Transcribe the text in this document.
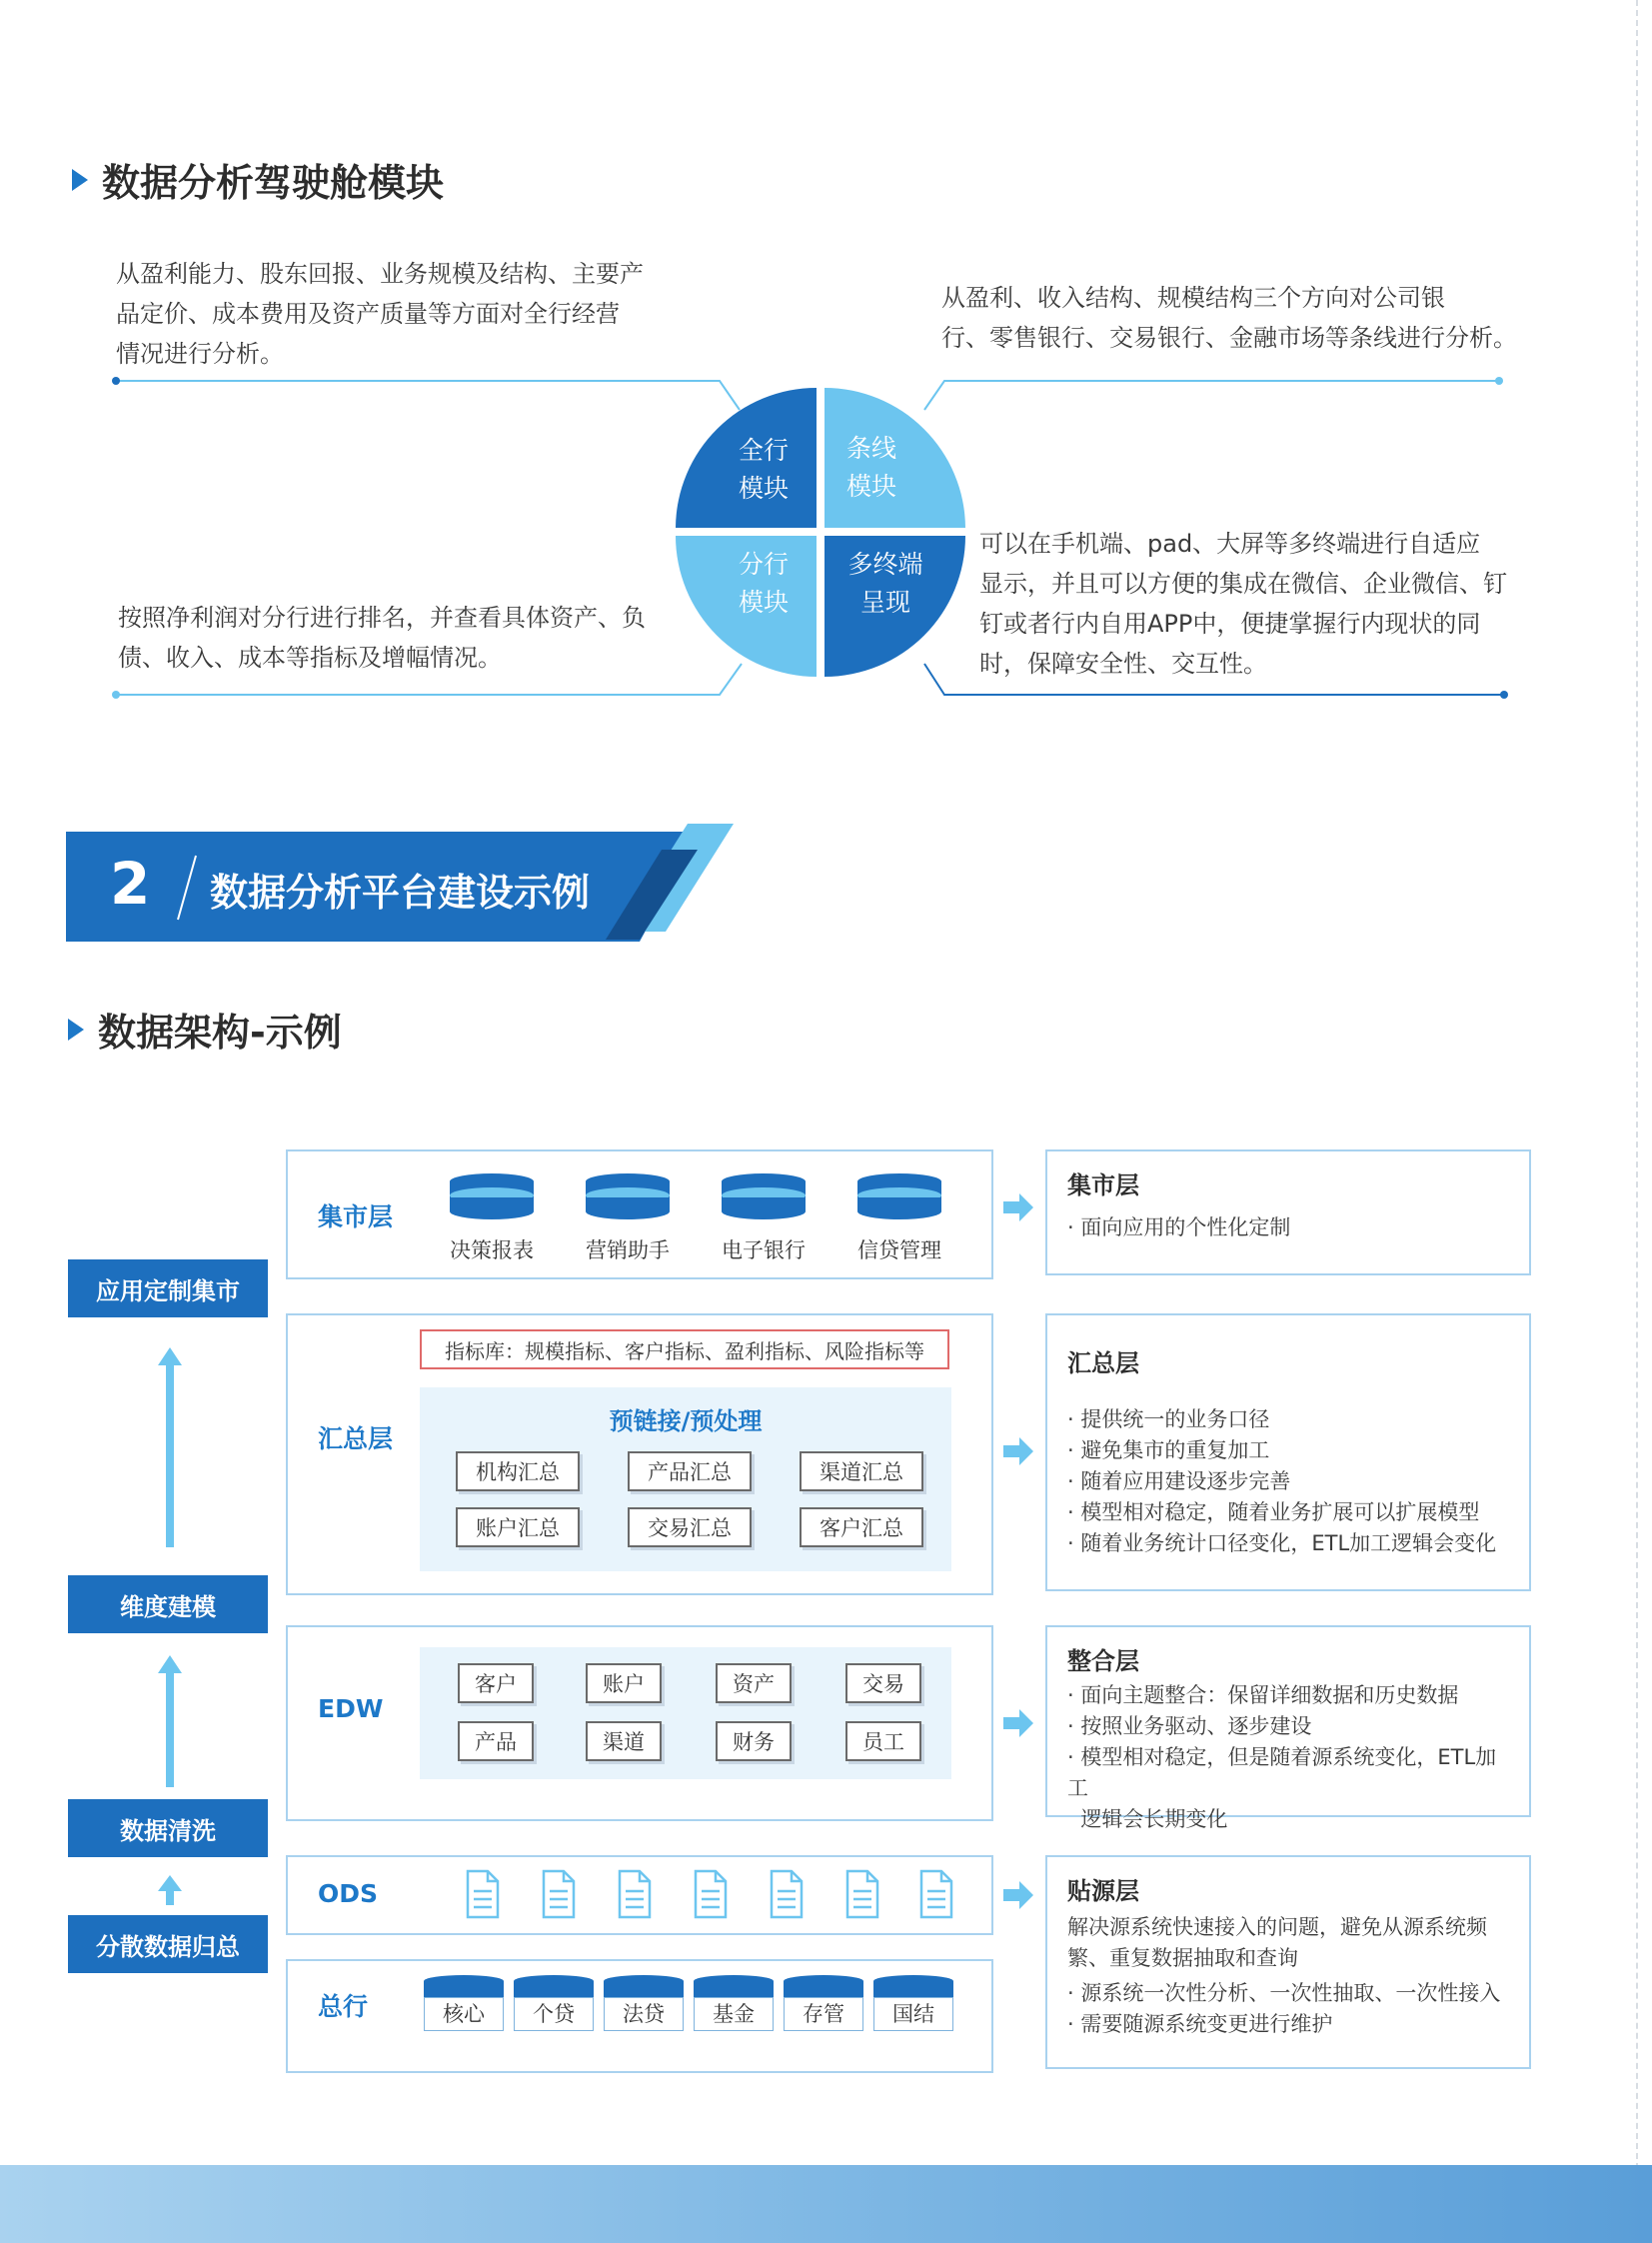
数据分析驾驶舱模块
从盈利能力、股东回报、业务规模及结构、主要产
品定价、成本费用及资产质量等方面对全行经营
情况进行分析。
从盈利、收入结构、规模结构三个方向对公司银
行、零售银行、交易银行、金融市场等条线进行分析。
按照净利润对分行进行排名，并查看具体资产、负
债、收入、成本等指标及增幅情况。
可以在手机端、pad、大屏等多终端进行自适应
显示，并且可以方便的集成在微信、企业微信、钉
钉或者行内自用APP中，便捷掌握行内现状的同
时，保障安全性、交互性。
全行
模块
条线
模块
分行
模块
多终端
呈现
2 数据分析平台建设示例
数据架构-示例
应用定制集市
维度建模
数据清洗
分散数据归总
集市层
决策报表	营销助手	电子银行	信贷管理
汇总层
指标库：规模指标、客户指标、盈利指标、风险指标等
预链接/预处理
机构汇总	产品汇总	渠道汇总
账户汇总	交易汇总	客户汇总
EDW
客户	账户	资产	交易
产品	渠道	财务	员工
ODS
总行	核心	个贷	法贷	基金	存管	国结
集市层
· 面向应用的个性化定制
汇总层
· 提供统一的业务口径
· 避免集市的重复加工
· 随着应用建设逐步完善
· 模型相对稳定，随着业务扩展可以扩展模型
· 随着业务统计口径变化，ETL加工逻辑会变化
整合层
· 面向主题整合：保留详细数据和历史数据
· 按照业务驱动、逐步建设
· 模型相对稳定，但是随着源系统变化，ETL加工
逻辑会长期变化
贴源层
解决源系统快速接入的问题，避免从源系统频
繁、重复数据抽取和查询
· 源系统一次性分析、一次性抽取、一次性接入
· 需要随源系统变更进行维护
